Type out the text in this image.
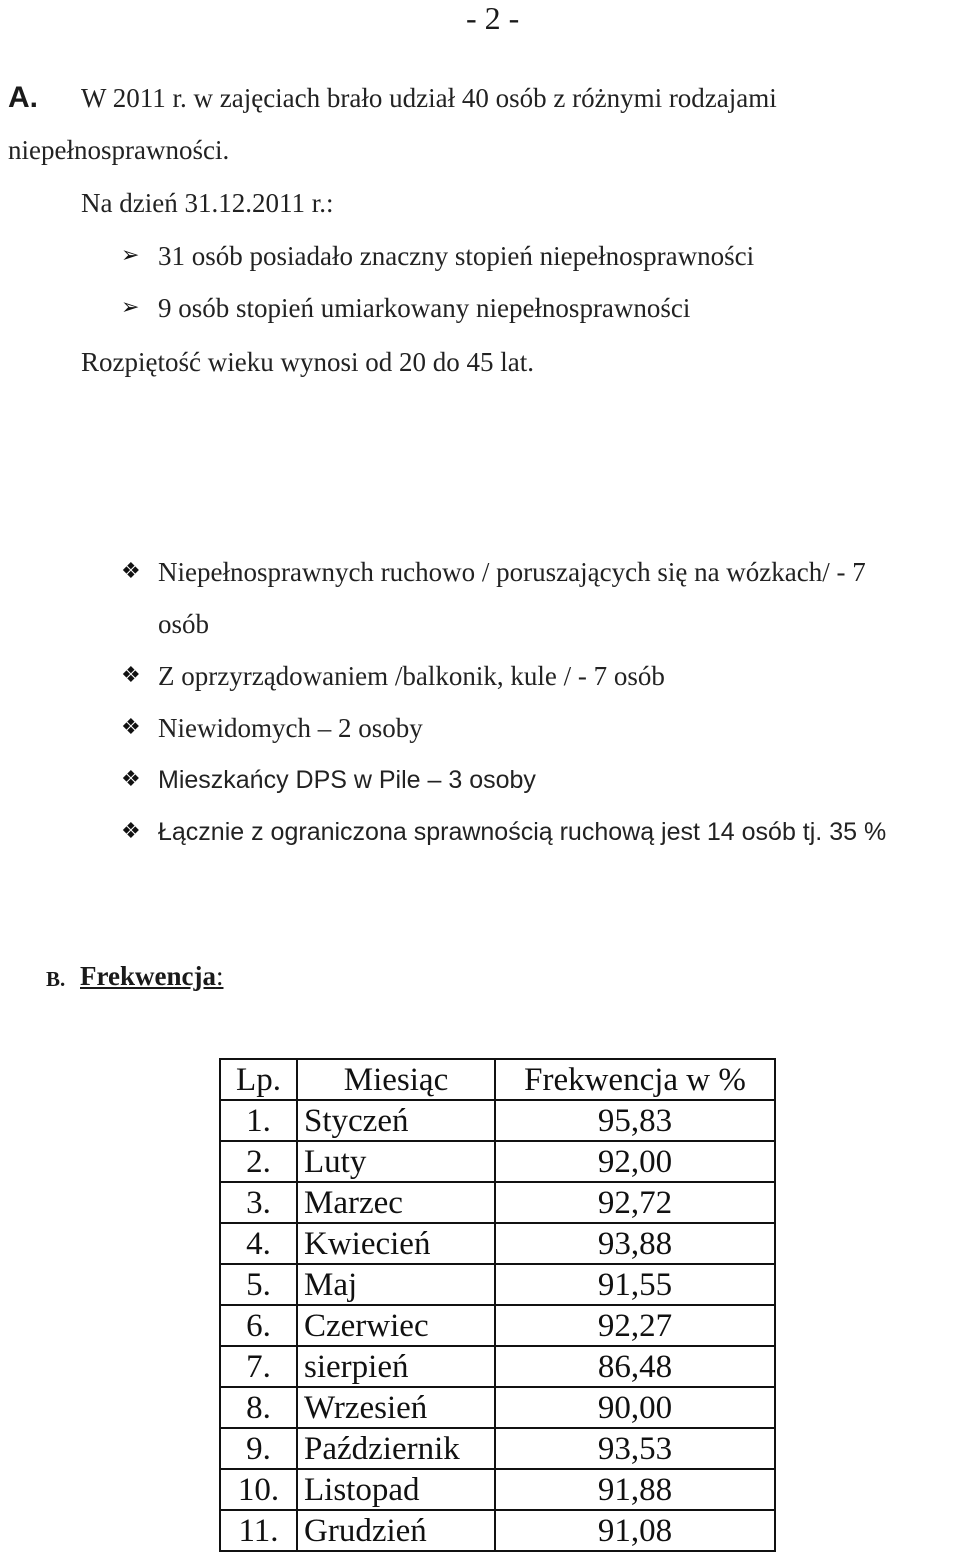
- 2 -
A. W 2011 r. w zajęciach brało udział 40 osób z różnymi rodzajami
niepełnosprawności.
Na dzień 31.12.2011 r.:
➢ 31 osób posiadało znaczny stopień niepełnosprawności
➢ 9 osób stopień umiarkowany niepełnosprawności
Rozpiętość wieku wynosi od 20 do 45 lat.
❖ Niepełnosprawnych ruchowo / poruszających się na wózkach/ - 7
osób
❖ Z oprzyrządowaniem /balkonik, kule / - 7 osób
❖ Niewidomych – 2 osoby
❖ Mieszkańcy DPS w Pile – 3 osoby
❖ Łącznie z ograniczona sprawnością ruchową jest 14 osób tj. 35 %
B. Frekwencja:
Lp.	Miesiąc	Frekwencja w %
1.	Styczeń	95,83
2.	Luty	92,00
3.	Marzec	92,72
4.	Kwiecień	93,88
5.	Maj	91,55
6.	Czerwiec	92,27
7.	sierpień	86,48
8.	Wrzesień	90,00
9.	Październik	93,53
10.	Listopad	91,88
11.	Grudzień	91,08
